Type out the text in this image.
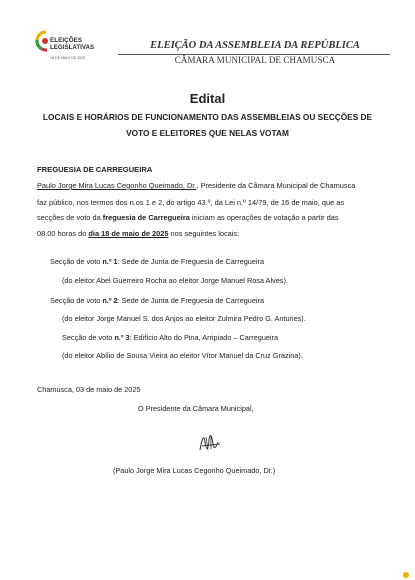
ELEIÇÕES
LEGISLATIVAS
18 DE MAIO DE 2025
ELEIÇÃO DA ASSEMBLEIA DA REPÚBLICA
CÂMARA MUNICIPAL DE CHAMUSCA
Edital
LOCAIS E HORÁRIOS DE FUNCIONAMENTO DAS ASSEMBLEIAS OU SECÇÕES DE
VOTO E ELEITORES QUE NELAS VOTAM
FREGUESIA DE CARREGUEIRA
Paulo Jorge Mira Lucas Cegonho Queimado, Dr., Presidente da Câmara Municipal de Chamusca
faz público, nos termos dos n.os 1 e 2, do artigo 43.º, da Lei n.º 14/79, de 16 de maio, que as
secções de voto da freguesia de Carregueira iniciam as operações de votação a partir das
08.00 horas do dia 18 de maio de 2025 nos seguintes locais:
Secção de voto n.º 1: Sede de Junta de Freguesia de Carregueira
(do eleitor Abel Guerreiro Rocha ao eleitor Jorge Manuel Rosa Alves).
Secção de voto n.º 2: Sede de Junta de Freguesia de Carregueira
(do eleitor Jorge Manuel S. dos Anjos ao eleitor Zulmira Pedro G. Antunes).
Secção de voto n.º 3: Edifício Alto do Pina, Arripiado – Carregueira
(do eleitor Abílio de Sousa Vieira ao eleitor Vítor Manuel da Cruz Grazina).
Chamusca, 03 de maio de 2025
O Presidente da Câmara Municipal,
(Paulo Jorge Mira Lucas Cegonho Queimado, Dr.)
